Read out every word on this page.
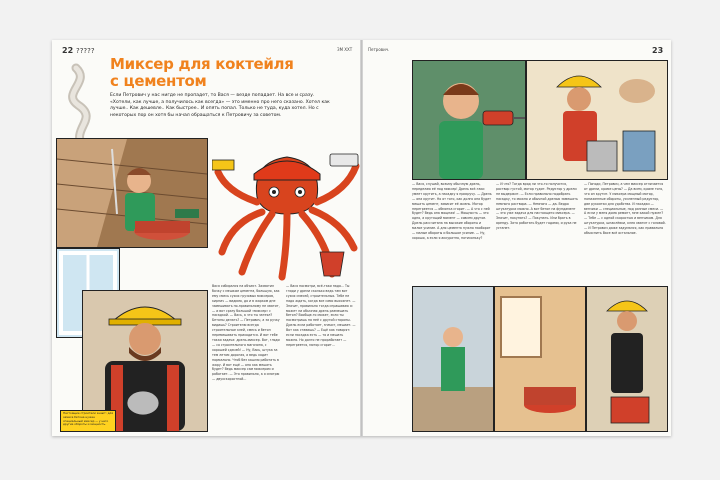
22 ?????	ЗМ ХХТ
Миксер для коктейля
с цементом
Если Петрович у нас нигде не пропадет, то Вася — везде попадает. На все и сразу. «Хотели, как лучше, а получилось как всегда» — это именно про него сказано. Хотел как лучше.. Как дешевле.. Как быстрее.. И опять попал. Только не туда, куда хотел. Но с некоторых пор он хотя бы начал обращаться к Петровичу за советом.
Настоящие строители знают: для замеса бетона нужен специальный миксер — у него другие обороты и мощность.
Вася собирался на объект. Захватил бочку с мешком цемента, большую, как ему смесь сухих грузовых миксеров, кирпич — видимо, до и в жарком дне замешивать по-правильному не хватит, — и вот сразу большой «миксер» с насадкой. — Вась, а что ты затеял? Бетоны делать? — Петрович, а за ручку видишь? Строителю всегда строительные клей, смесь и бетон перемешивать приходится. И вот тебе такая задача: дрель-миксер. Вот, гляди — со строительного магазина, с хорошей сдачей! — Ну, Вась, штука за тем летом дорогая, а ведь ходит нормально. Чтоб без кашлю работать в жару. И вот ещё — оно как мешать будет? Ведь миксер сам миксером и работает. — Это правильно, а я смотрю — двухскоростной...
— Вася посмотри, всё-таки надо... Ты гляди у дрели сколько ведь там вот сухих смесей, строительных. Тебе не надо ждать, когда все само высохнет. — Значит, правильно тогда спрашиваю я: может ли обычная дрель размешать бетон? Вообще-то может, если ты посмотришь на неё с другой стороны. Дрель если работает, значит, мешает. — Вот как ставишь? — Ещё как говорят: если насадка есть — то и мешать можно. Но долго не проработает — перегреется, мотор сгорит...
Петрович.	23
— Вася, слушай, возьму обычную дрель, переделаю её под миксер! Дрель всё-таки умеет крутить, а насадку я прикручу. — Дрель — она крутит. Но от того, как долго она будет мешать цемент, зависит её жизнь. Мотор перегреется — обмотка сгорит. — А что с ней будет? Ведь она мощная! — Мощность — это одно, а крутящий момент — совсем другое. Дрель рассчитана на высокие обороты и малое усилие. А для цемента нужно наоборот — малые обороты и большое усилие. — Ну, хорошо, а если я аккуратно, потихоньку?
— И что? Тогда вряд ли что-то получится, раствор густой, мотор гудит. Редуктор у дрели не выдержит. — Если правильно подобрать насадку, то можно и обычной дрелью замешать немного раствора. — Немного — да. Ведро штукатурки можно. А вот бетон на фундамент — это уже задача для настоящего миксера. — Значит, покупать? — Покупать. Или брать в аренду. Зато работать будет годами, и рука не устанет.
— Погоди, Петрович, а чем миксер отличается от дрели, кроме цены? — Да всем, кроме того, что он крутит. У миксера мощный мотор, пониженные обороты, усиленный редуктор, две рукоятки для удобства. И насадки — венчики — специальные, под разные смеси. — А если у меня дома ремонт, мне какой нужен? — Тебе — с одной скоростью и венчиком. Для штукатурки, шпаклёвки, клея хватит с головой. — И Петрович даже задумался, как правильно объяснить Васе всё остальное.
